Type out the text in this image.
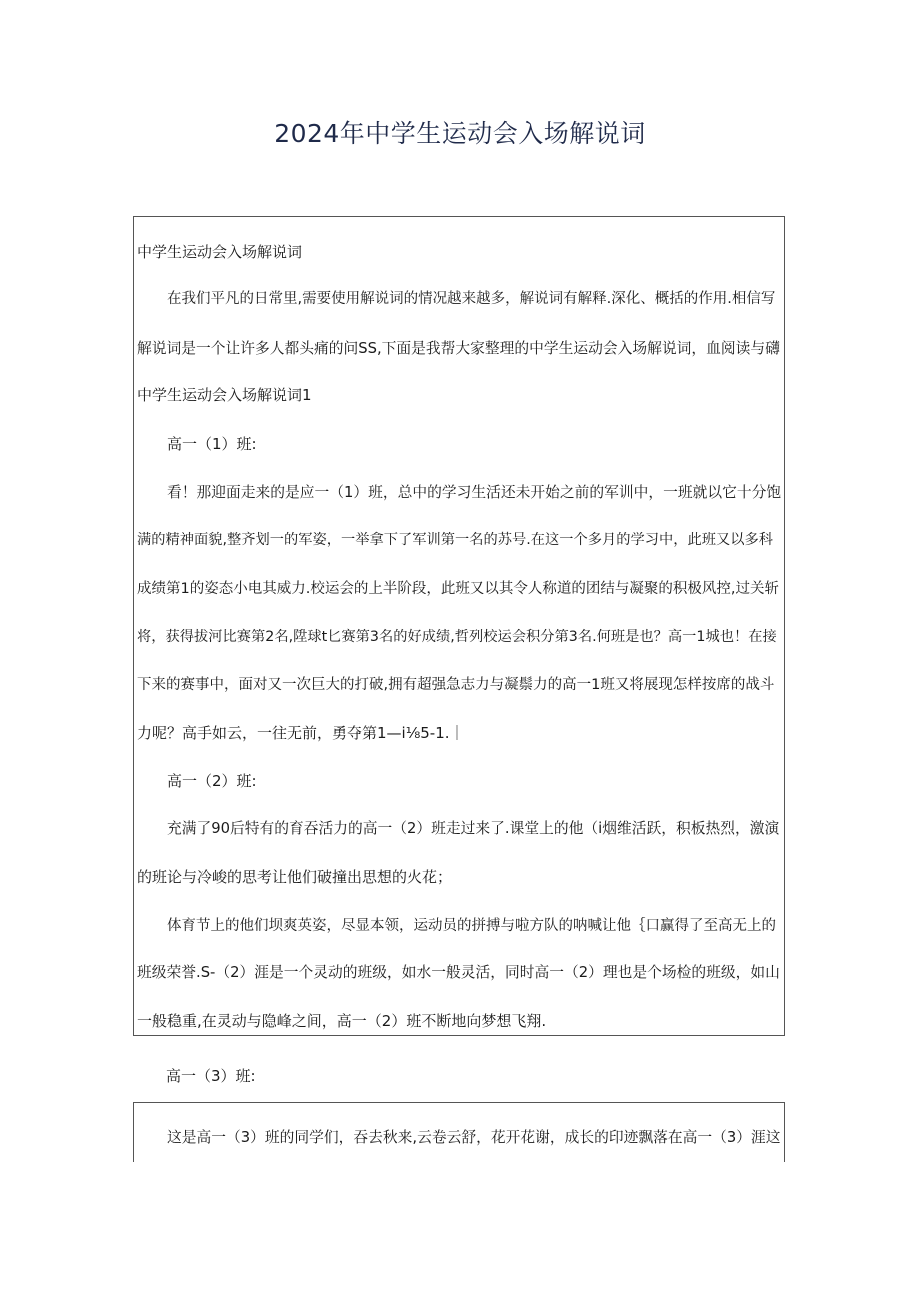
2024年中学生运动会入场解说词
中学生运动会入场解说词
在我们平凡的日常里,需要使用解说词的情况越来越多，解说词有解释.深化、概括的作用.相信写
解说词是一个让许多人都头痛的问SS,下面是我帮大家整理的中学生运动会入场解说词，血阅读与礴
中学生运动会入场解说词1
高一（1）班:
看！那迎面走来的是应一（1）班，总中的学习生活还未开始之前的军训中，一班就以它十分饱
满的精神面貌,整齐划一的军姿，一举拿下了军训第一名的苏号.在这一个多月的学习中，此班又以多科
成绩第1的姿态小电其威力.校运会的上半阶段，此班又以其令人称道的团结与凝聚的积极风控,过关斩
将，获得拔河比赛第2名,陞球t匕赛第3名的好成绩,哲列校运会积分第3名.何班是也？高一1城也！在接
下来的赛事中，面对又一次巨大的打破,拥有超强急志力与凝鬃力的高一1班又将展现怎样按席的战斗
力呢？高手如云，一往无前，勇夺第1—i⅛5-1.｜
高一（2）班:
充满了90后特有的育吞活力的高一（2）班走过来了.课堂上的他（i烟维活跃，积板热烈，激演
的班论与冷峻的思考让他们破撞出思想的火花；
体育节上的他们坝爽英姿，尽显本领，运动员的拼搏与啦方队的呐喊让他｛口赢得了至高无上的
班级荣誉.S-（2）涯是一个灵动的班级，如水一般灵活，同时高一（2）理也是个场检的班级，如山
一般稳重,在灵动与隐峰之间，高一（2）班不断地向梦想飞翔.
高一（3）班:
这是高一（3）班的同学们，吞去秋来,云卷云舒，花开花谢，成长的印迹飘落在高一（3）涯这
